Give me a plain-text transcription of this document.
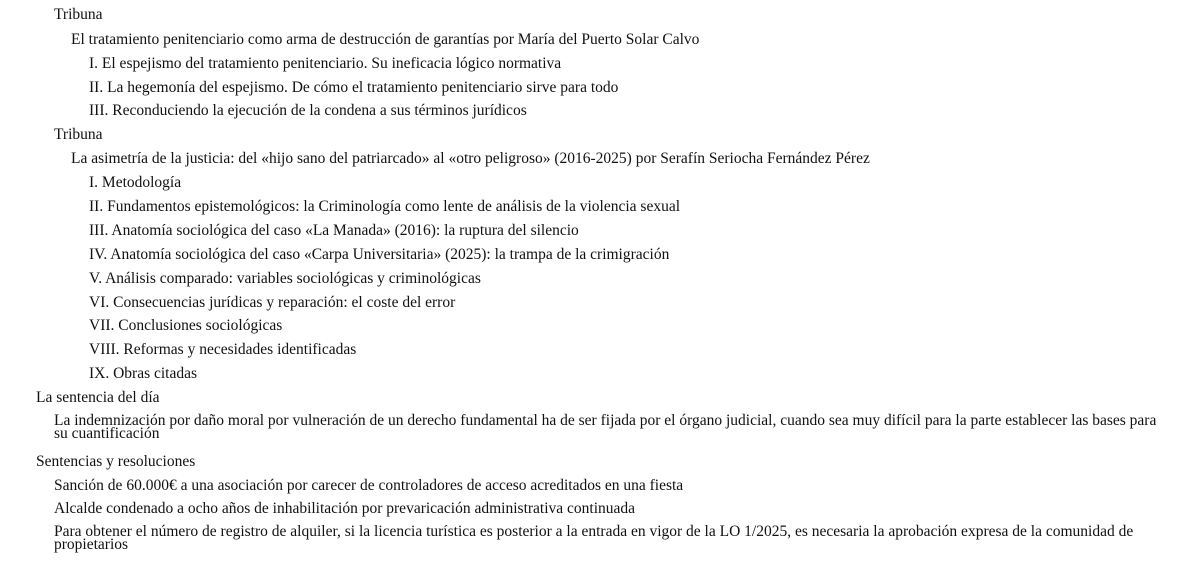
Tribuna
El tratamiento penitenciario como arma de destrucción de garantías por María del Puerto Solar Calvo
I. El espejismo del tratamiento penitenciario. Su ineficacia lógico normativa
II. La hegemonía del espejismo. De cómo el tratamiento penitenciario sirve para todo
III. Reconduciendo la ejecución de la condena a sus términos jurídicos
Tribuna
La asimetría de la justicia: del «hijo sano del patriarcado» al «otro peligroso» (2016-2025) por Serafín Seriocha Fernández Pérez
I. Metodología
II. Fundamentos epistemológicos: la Criminología como lente de análisis de la violencia sexual
III. Anatomía sociológica del caso «La Manada» (2016): la ruptura del silencio
IV. Anatomía sociológica del caso «Carpa Universitaria» (2025): la trampa de la crimigración
V. Análisis comparado: variables sociológicas y criminológicas
VI. Consecuencias jurídicas y reparación: el coste del error
VII. Conclusiones sociológicas
VIII. Reformas y necesidades identificadas
IX. Obras citadas
La sentencia del día
La indemnización por daño moral por vulneración de un derecho fundamental ha de ser fijada por el órgano judicial, cuando sea muy difícil para la parte establecer las bases para su cuantificación
Sentencias y resoluciones
Sanción de 60.000€ a una asociación por carecer de controladores de acceso acreditados en una fiesta
Alcalde condenado a ocho años de inhabilitación por prevaricación administrativa continuada
Para obtener el número de registro de alquiler, si la licencia turística es posterior a la entrada en vigor de la LO 1/2025, es necesaria la aprobación expresa de la comunidad de propietarios
